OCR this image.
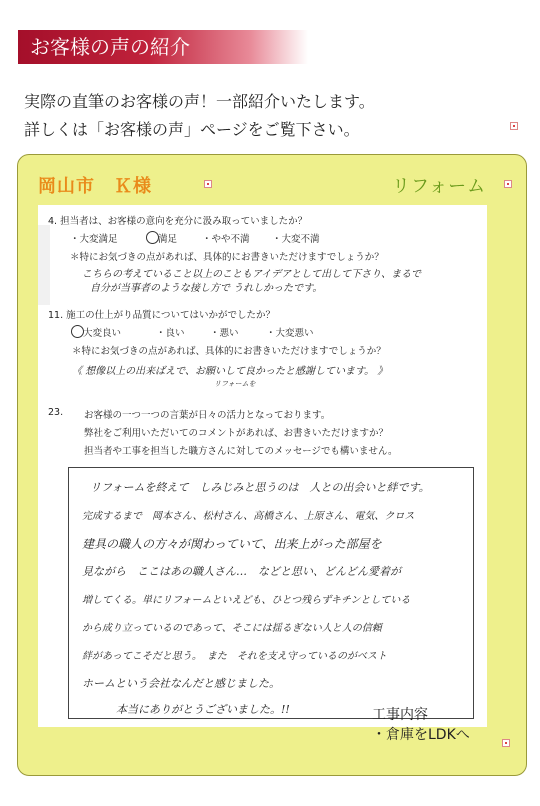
お客様の声の紹介
実際の直筆のお客様の声！一部紹介いたします。
詳しくは「お客様の声」ページをご覧下さい。
岡山市　Ｋ様	リフォーム
4. 担当者は、お客様の意向を充分に汲み取っていましたか？
・大変満足	満足	・やや不満 ・大変不満
＊特にお気づきの点があれば、具体的にお書きいただけますでしょうか？
こちらの考えていること以上のこともアイデアとして出して下さり、まるで
自分が当事者のような接し方で うれしかったです。
11. 施工の仕上がり品質についてはいかがでしたか？
大変良い	・良い	・悪い	・大変悪い
＊特にお気づきの点があれば、具体的にお書きいただけますでしょうか？
《 想像以上の出来ばえで、お願いして良かったと感謝しています。 》
リフォームを
23. お客様の一つ一つの言葉が日々の活力となっております。
弊社をご利用いただいてのコメントがあれば、お書きいただけますか？
担当者や工事を担当した職方さんに対してのメッセージでも構いません。
リフォームを終えて　しみじみと思うのは　人との出会いと絆です。
完成するまで　岡本さん、松村さん、高橋さん、上原さん、電気、クロス
建具の職人の方々が関わっていて、出来上がった部屋を
見ながら　ここはあの職人さん…　などと思い、どんどん愛着が
増してくる。単にリフォームといえども、ひとつ残らずキチンとしている
から成り立っているのであって、そこには揺るぎない人と人の信頼
絆があってこそだと思う。　また　それを支え守っているのがベスト
ホームという会社なんだと感じました。
本当にありがとうございました。!!	工事内容
・倉庫をLDKへ
